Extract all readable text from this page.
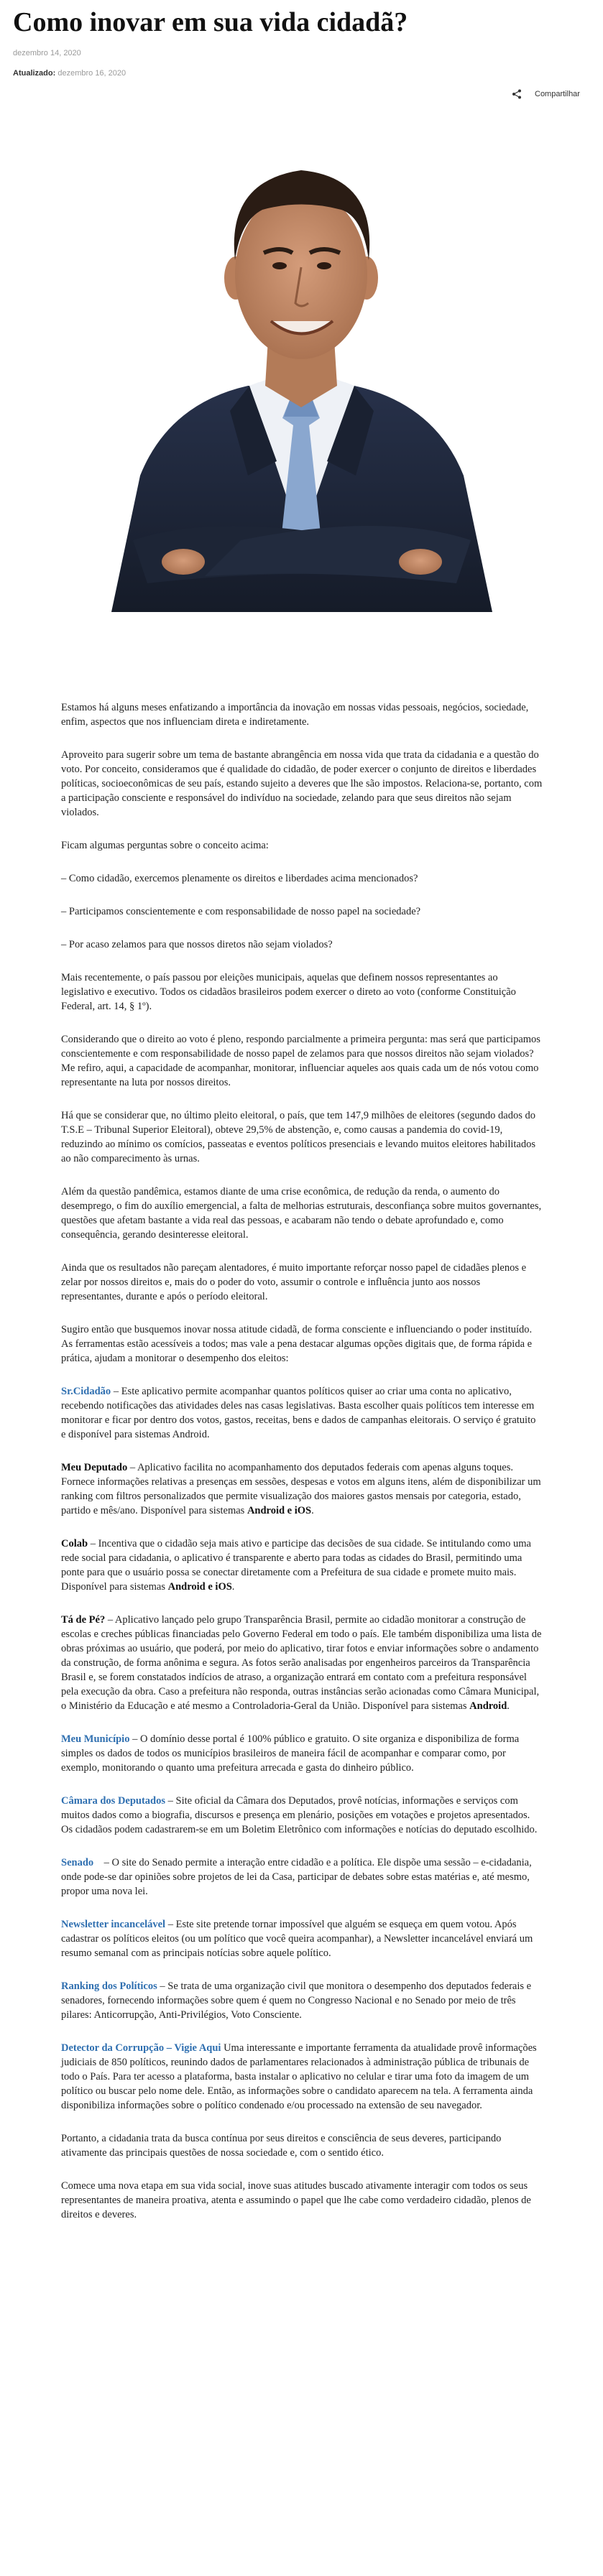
Como inovar em sua vida cidadã?
dezembro 14, 2020
Atualizado: dezembro 16, 2020
Compartilhar

Estamos há alguns meses enfatizando a importância da inovação em nossas vidas pessoais, negócios, sociedade, enfim, aspectos que nos influenciam direta e indiretamente.

Aproveito para sugerir sobre um tema de bastante abrangência em nossa vida que trata da cidadania e a questão do voto. Por conceito, consideramos que é qualidade do cidadão, de poder exercer o conjunto de direitos e liberdades políticas, socioeconômicas de seu país, estando sujeito a deveres que lhe são impostos. Relaciona-se, portanto, com a participação consciente e responsável do indivíduo na sociedade, zelando para que seus direitos não sejam violados.

Ficam algumas perguntas sobre o conceito acima:

– Como cidadão, exercemos plenamente os direitos e liberdades acima mencionados?

– Participamos conscientemente e com responsabilidade de nosso papel na sociedade?

– Por acaso zelamos para que nossos diretos não sejam violados?

Mais recentemente, o país passou por eleições municipais, aquelas que definem nossos representantes ao legislativo e executivo. Todos os cidadãos brasileiros podem exercer o direto ao voto (conforme Constituição Federal, art. 14, § 1º).

Considerando que o direito ao voto é pleno, respondo parcialmente a primeira pergunta: mas será que participamos conscientemente e com responsabilidade de nosso papel de zelamos para que nossos direitos não sejam violados? Me refiro, aqui, a capacidade de acompanhar, monitorar, influenciar aqueles aos quais cada um de nós votou como representante na luta por nossos direitos.

Há que se considerar que, no último pleito eleitoral, o país, que tem 147,9 milhões de eleitores (segundo dados do T.S.E – Tribunal Superior Eleitoral), obteve 29,5% de abstenção, e, como causas a pandemia do covid-19, reduzindo ao mínimo os comícios, passeatas e eventos políticos presenciais e levando muitos eleitores habilitados ao não comparecimento às urnas.

Além da questão pandêmica, estamos diante de uma crise econômica, de redução da renda, o aumento do desemprego, o fim do auxílio emergencial, a falta de melhorias estruturais, desconfiança sobre muitos governantes, questões que afetam bastante a vida real das pessoas, e acabaram não tendo o debate aprofundado e, como consequência, gerando desinteresse eleitoral.

Ainda que os resultados não pareçam alentadores, é muito importante reforçar nosso papel de cidadães plenos e zelar por nossos direitos e, mais do o poder do voto, assumir o controle e influência junto aos nossos representantes, durante e após o período eleitoral.

Sugiro então que busquemos inovar nossa atitude cidadã, de forma consciente e influenciando o poder instituído. As ferramentas estão acessíveis a todos; mas vale a pena destacar algumas opções digitais que, de forma rápida e prática, ajudam a monitorar o desempenho dos eleitos:

Sr.Cidadão – Este aplicativo permite acompanhar quantos políticos quiser ao criar uma conta no aplicativo, recebendo notificações das atividades deles nas casas legislativas. Basta escolher quais políticos tem interesse em monitorar e ficar por dentro dos votos, gastos, receitas, bens e dados de campanhas eleitorais. O serviço é gratuito e disponível para sistemas Android.

Meu Deputado – Aplicativo facilita no acompanhamento dos deputados federais com apenas alguns toques. Fornece informações relativas a presenças em sessões, despesas e votos em alguns itens, além de disponibilizar um ranking com filtros personalizados que permite visualização dos maiores gastos mensais por categoria, estado, partido e mês/ano. Disponível para sistemas Android e iOS.

Colab – Incentiva que o cidadão seja mais ativo e participe das decisões de sua cidade. Se intitulando como uma rede social para cidadania, o aplicativo é transparente e aberto para todas as cidades do Brasil, permitindo uma ponte para que o usuário possa se conectar diretamente com a Prefeitura de sua cidade e promete muito mais. Disponível para sistemas Android e iOS.

Tá de Pé? – Aplicativo lançado pelo grupo Transparência Brasil, permite ao cidadão monitorar a construção de escolas e creches públicas financiadas pelo Governo Federal em todo o país. Ele também disponibiliza uma lista de obras próximas ao usuário, que poderá, por meio do aplicativo, tirar fotos e enviar informações sobre o andamento da construção, de forma anônima e segura. As fotos serão analisadas por engenheiros parceiros da Transparência Brasil e, se forem constatados indícios de atraso, a organização entrará em contato com a prefeitura responsável pela execução da obra. Caso a prefeitura não responda, outras instâncias serão acionadas como Câmara Municipal, o Ministério da Educação e até mesmo a Controladoria-Geral da União. Disponível para sistemas Android.

Meu Município – O domínio desse portal é 100% público e gratuito. O site organiza e disponibiliza de forma simples os dados de todos os municípios brasileiros de maneira fácil de acompanhar e comparar como, por exemplo, monitorando o quanto uma prefeitura arrecada e gasta do dinheiro público.

Câmara dos Deputados – Site oficial da Câmara dos Deputados, provê notícias, informações e serviços com muitos dados como a biografia, discursos e presença em plenário, posições em votações e projetos apresentados. Os cidadãos podem cadastrarem-se em um Boletim Eletrônico com informações e notícias do deputado escolhido.

Senado    – O site do Senado permite a interação entre cidadão e a política. Ele dispõe uma sessão – e-cidadania, onde pode-se dar opiniões sobre projetos de lei da Casa, participar de debates sobre estas matérias e, até mesmo, propor uma nova lei.

Newsletter incancelável – Este site pretende tornar impossível que alguém se esqueça em quem votou. Após cadastrar os políticos eleitos (ou um político que você queira acompanhar), a Newsletter incancelável enviará um resumo semanal com as principais notícias sobre aquele político.

Ranking dos Políticos – Se trata de uma organização civil que monitora o desempenho dos deputados federais e senadores, fornecendo informações sobre quem é quem no Congresso Nacional e no Senado por meio de três pilares: Anticorrupção, Anti-Privilégios, Voto Consciente.

Detector da Corrupção – Vigie Aqui Uma interessante e importante ferramenta da atualidade provê informações judiciais de 850 políticos, reunindo dados de parlamentares relacionados à administração pública de tribunais de todo o País. Para ter acesso a plataforma, basta instalar o aplicativo no celular e tirar uma foto da imagem de um político ou buscar pelo nome dele. Então, as informações sobre o candidato aparecem na tela. A ferramenta ainda disponibiliza informações sobre o político condenado e/ou processado na extensão de seu navegador.

Portanto, a cidadania trata da busca contínua por seus direitos e consciência de seus deveres, participando ativamente das principais questões de nossa sociedade e, com o sentido ético.

Comece uma nova etapa em sua vida social, inove suas atitudes buscado ativamente interagir com todos os seus representantes de maneira proativa, atenta e assumindo o papel que lhe cabe como verdadeiro cidadão, plenos de direitos e deveres.
